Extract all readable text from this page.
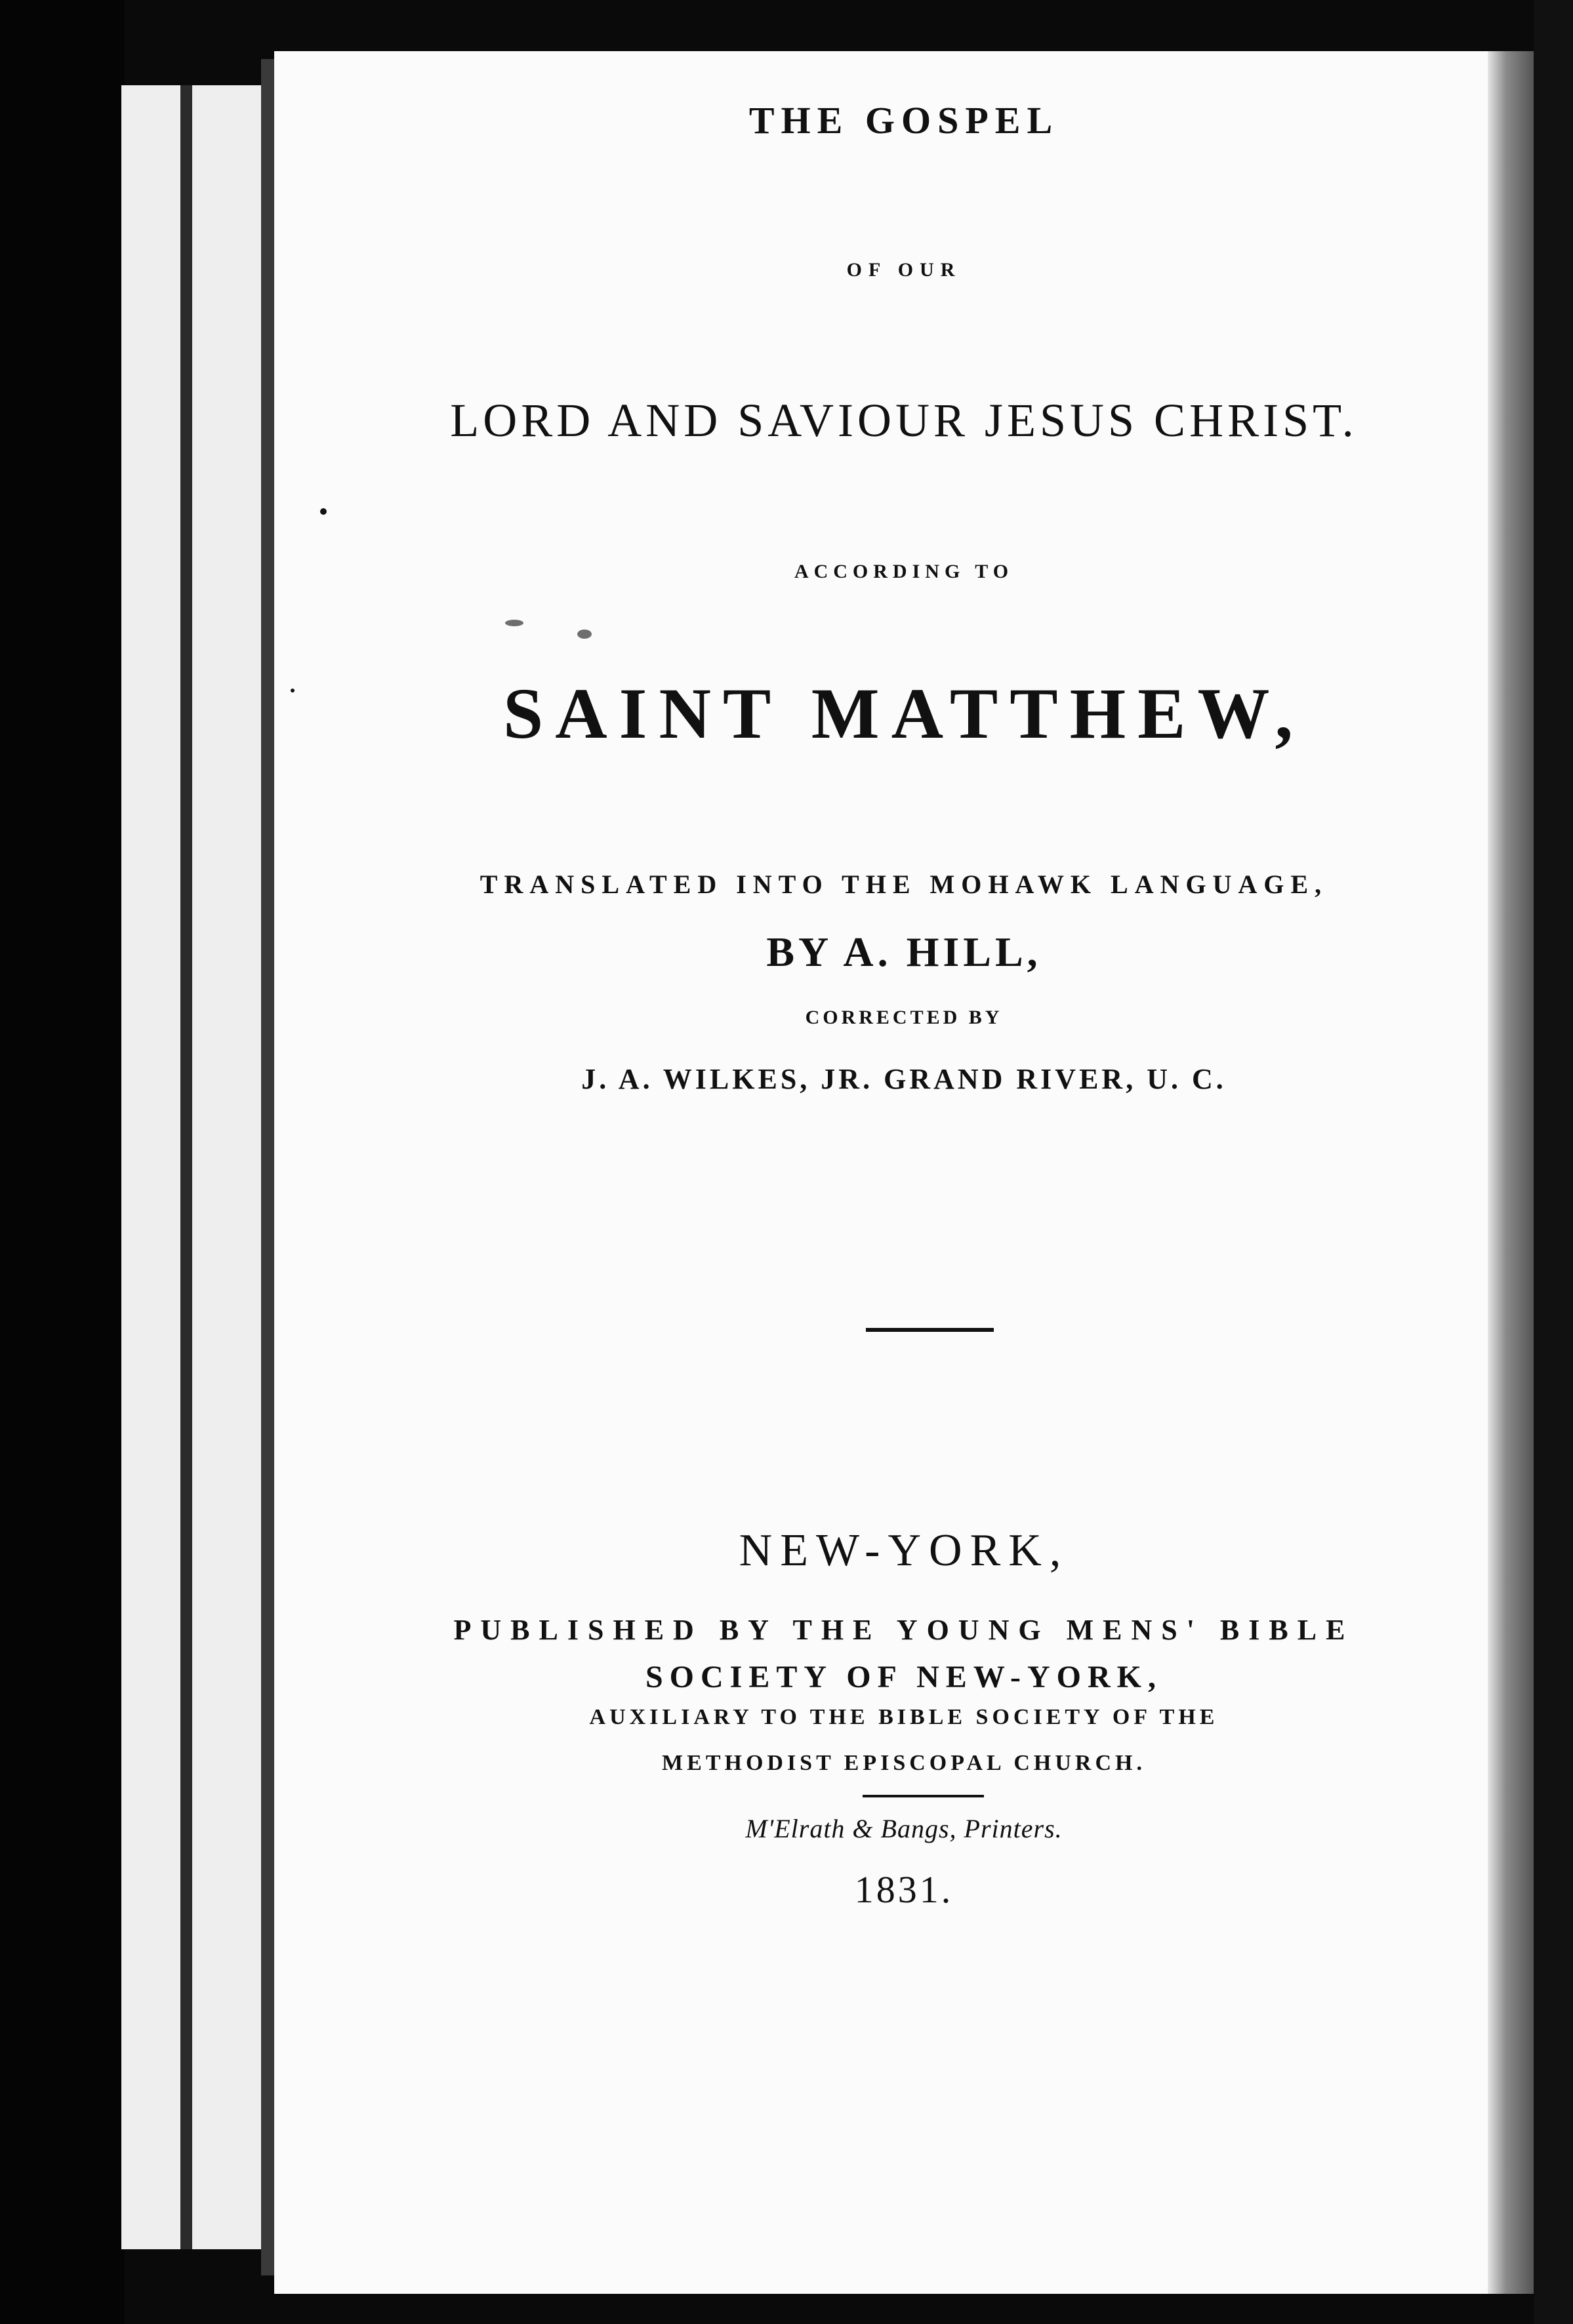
THE GOSPEL
OF OUR
LORD AND SAVIOUR JESUS CHRIST.
ACCORDING TO
SAINT MATTHEW,
TRANSLATED INTO THE MOHAWK LANGUAGE,
BY A. HILL,
CORRECTED BY
J. A. WILKES, JR. GRAND RIVER, U. C.
NEW-YORK,
PUBLISHED BY THE YOUNG MENS' BIBLE
SOCIETY OF NEW-YORK,
AUXILIARY TO THE BIBLE SOCIETY OF THE
METHODIST EPISCOPAL CHURCH.
M'Elrath & Bangs, Printers.
1831.
